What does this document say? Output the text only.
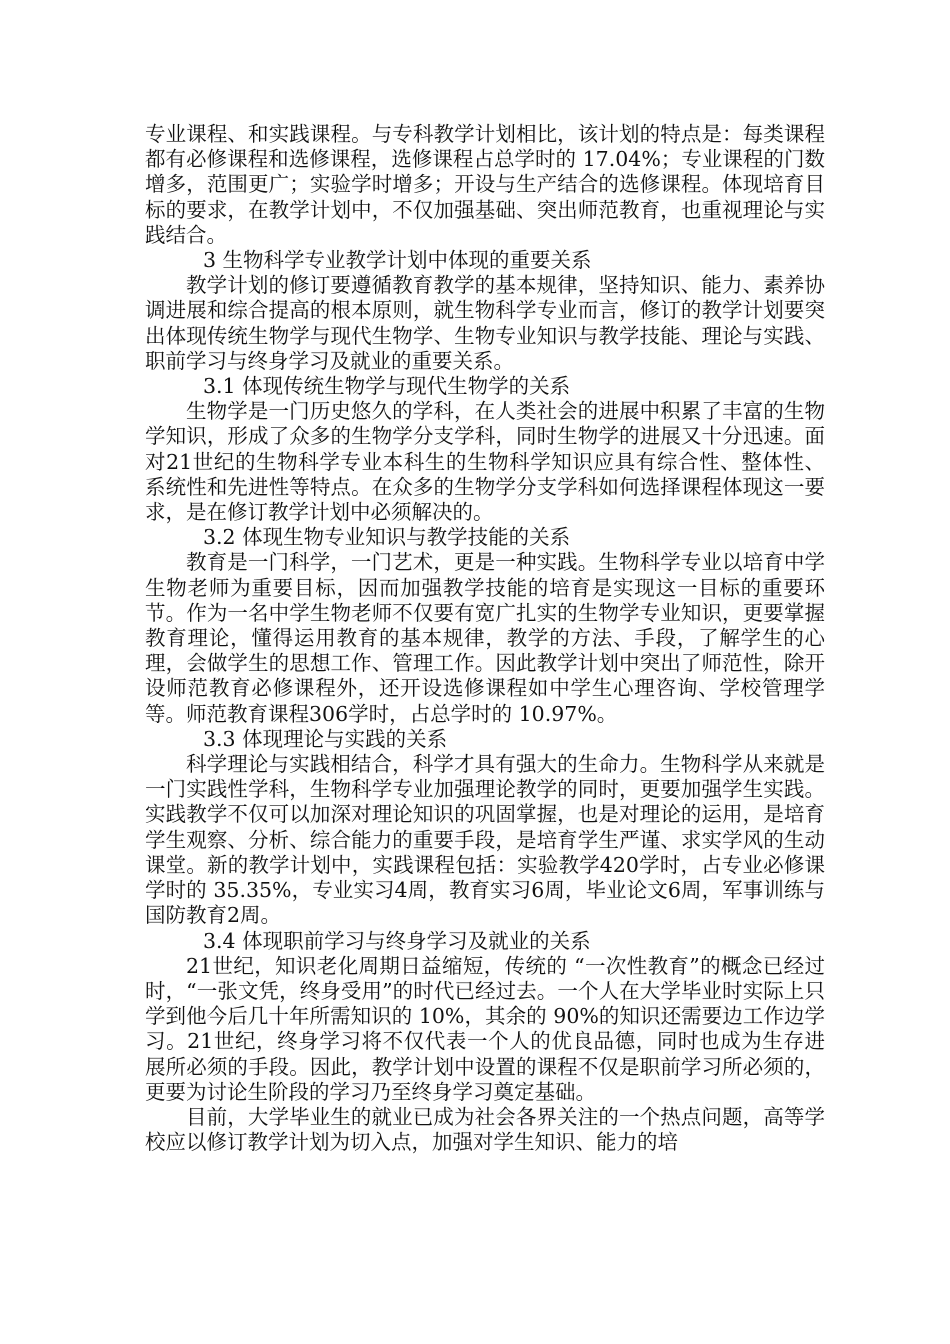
专业课程、和实践课程。与专科教学计划相比，该计划的特点是：每类课程都有必修课程和选修课程，选修课程占总学时的 17.04%；专业课程的门数增多，范围更广；实验学时增多；开设与生产结合的选修课程。体现培育目标的要求，在教学计划中，不仅加强基础、突出师范教育，也重视理论与实践结合。

3 生物科学专业教学计划中体现的重要关系

教学计划的修订要遵循教育教学的基本规律，坚持知识、能力、素养协调进展和综合提高的根本原则，就生物科学专业而言，修订的教学计划要突出体现传统生物学与现代生物学、生物专业知识与教学技能、理论与实践、职前学习与终身学习及就业的重要关系。

3.1 体现传统生物学与现代生物学的关系

生物学是一门历史悠久的学科，在人类社会的进展中积累了丰富的生物学知识，形成了众多的生物学分支学科，同时生物学的进展又十分迅速。面对21世纪的生物科学专业本科生的生物科学知识应具有综合性、整体性、系统性和先进性等特点。在众多的生物学分支学科如何选择课程体现这一要求，是在修订教学计划中必须解决的。

3.2 体现生物专业知识与教学技能的关系

教育是一门科学，一门艺术，更是一种实践。生物科学专业以培育中学生物老师为重要目标，因而加强教学技能的培育是实现这一目标的重要环节。作为一名中学生物老师不仅要有宽广扎实的生物学专业知识，更要掌握教育理论，懂得运用教育的基本规律，教学的方法、手段，了解学生的心理，会做学生的思想工作、管理工作。因此教学计划中突出了师范性，除开设师范教育必修课程外，还开设选修课程如中学生心理咨询、学校管理学等。师范教育课程306学时，占总学时的 10.97%。

3.3 体现理论与实践的关系

科学理论与实践相结合，科学才具有强大的生命力。生物科学从来就是一门实践性学科，生物科学专业加强理论教学的同时，更要加强学生实践。实践教学不仅可以加深对理论知识的巩固掌握，也是对理论的运用，是培育学生观察、分析、综合能力的重要手段，是培育学生严谨、求实学风的生动课堂。新的教学计划中，实践课程包括：实验教学420学时，占专业必修课学时的 35.35%，专业实习4周，教育实习6周，毕业论文6周，军事训练与国防教育2周。

3.4 体现职前学习与终身学习及就业的关系

21世纪，知识老化周期日益缩短，传统的 “一次性教育”的概念已经过时，“一张文凭，终身受用”的时代已经过去。一个人在大学毕业时实际上只学到他今后几十年所需知识的 10%，其余的 90%的知识还需要边工作边学习。21世纪，终身学习将不仅代表一个人的优良品德，同时也成为生存进展所必须的手段。因此，教学计划中设置的课程不仅是职前学习所必须的，更要为讨论生阶段的学习乃至终身学习奠定基础。

目前，大学毕业生的就业已成为社会各界关注的一个热点问题，高等学校应以修订教学计划为切入点，加强对学生知识、能力的培
